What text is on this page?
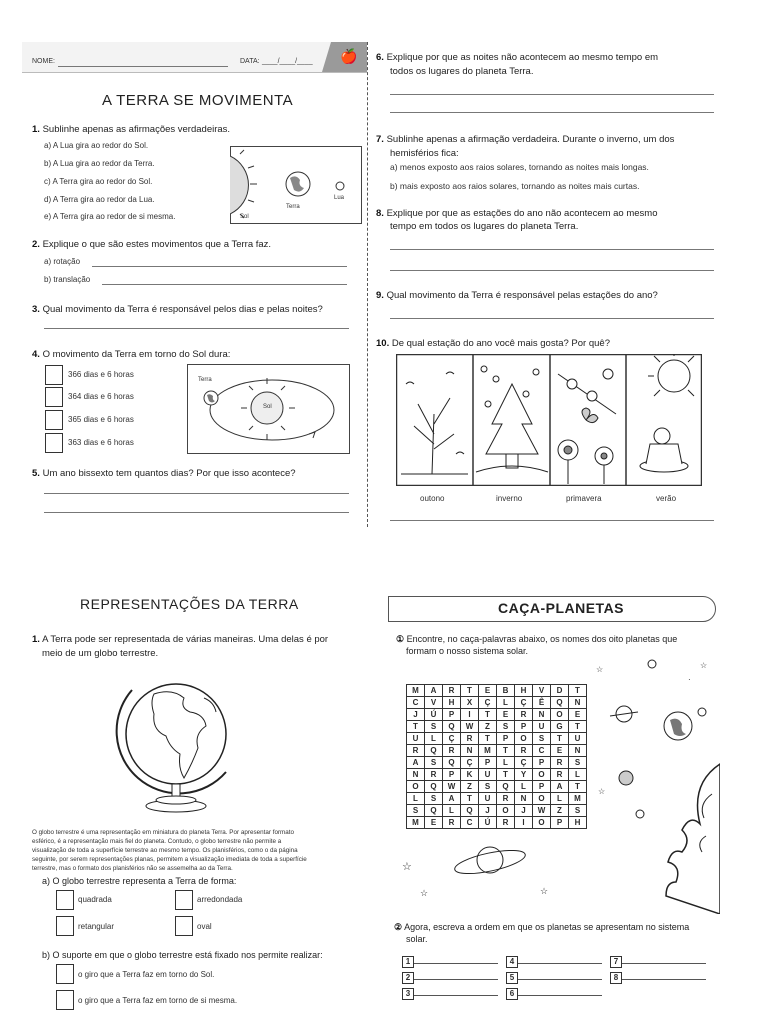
🍎
NOME:	DATA: ____/____/____
A TERRA SE MOVIMENTA
1. Sublinhe apenas as afirmações verdadeiras.
a) A Lua gira ao redor do Sol.
b) A Lua gira ao redor da Terra.
c) A Terra gira ao redor do Sol.
d) A Terra gira ao redor da Lua.
e) A Terra gira ao redor de si mesma.	Sol
Terra
Lua
2. Explique o que são estes movimentos que a Terra faz.
a) rotação
b) translação
3. Qual movimento da Terra é responsável pelos dias e pelas noites?
4. O movimento da Terra em torno do Sol dura:
366 dias e 6 horas
364 dias e 6 horas
365 dias e 6 horas
363 dias e 6 horas
Terra
Sol
5. Um ano bissexto tem quantos dias? Por que isso acontece?
6. Explique por que as noites não acontecem ao mesmo tempo em
todos os lugares do planeta Terra.
7. Sublinhe apenas a afirmação verdadeira. Durante o inverno, um dos
hemisférios fica:
a) menos exposto aos raios solares, tornando as noites mais longas.
b) mais exposto aos raios solares, tornando as noites mais curtas.
8. Explique por que as estações do ano não acontecem ao mesmo
tempo em todos os lugares do planeta Terra.
9. Qual movimento da Terra é responsável pelas estações do ano?
10. De qual estação do ano você mais gosta? Por quê?
outono	inverno	primavera	verão
REPRESENTAÇÕES DA TERRA
1. A Terra pode ser representada de várias maneiras. Uma delas é por
meio de um globo terrestre.
O globo terrestre é uma representação em miniatura do planeta Terra. Por apresentar formato
esférico, é a representação mais fiel do planeta. Contudo, o globo terrestre não permite a
visualização de toda a superfície terrestre ao mesmo tempo. Os planisférios, como o da página
seguinte, por serem representações planas, permitem a visualização imediata de toda a superfície
terrestre, mas o formato dos planisférios não se assemelha ao da Terra.
a) O globo terrestre representa a Terra de forma:
quadrada	arredondada
retangular	oval
b) O suporte em que o globo terrestre está fixado nos permite realizar:
o giro que a Terra faz em torno do Sol.
o giro que a Terra faz em torno de si mesma.
CAÇA-PLANETAS
① Encontre, no caça-palavras abaixo, os nomes dos oito planetas que
formam o nosso sistema solar.
M	A	R	T	E	B	H	V	D	T
C	V	H	X	Ç	L	Ç	Ê	Q	N
J	Ú	P	I	T	E	R	N	O	E
T	S	Q	W	Z	S	P	U	G	T
U	L	Ç	R	T	P	O	S	T	U
R	Q	R	N	M	T	R	C	E	N
A	S	Q	Ç	P	L	Ç	P	R	S
N	R	P	K	U	T	Y	O	R	L
O	Q	W	Z	S	Q	L	P	A	T
L	S	A	T	U	R	N	O	L	M
S	Q	L	Q	J	O	J	W	Z	S
M	E	R	C	Ú	R	I	O	P	H
☆
·
☆
☆
☆
☆	☆
② Agora, escreva a ordem em que os planetas se apresentam no sistema
solar.
1
2
3
4
5
6
7
8
